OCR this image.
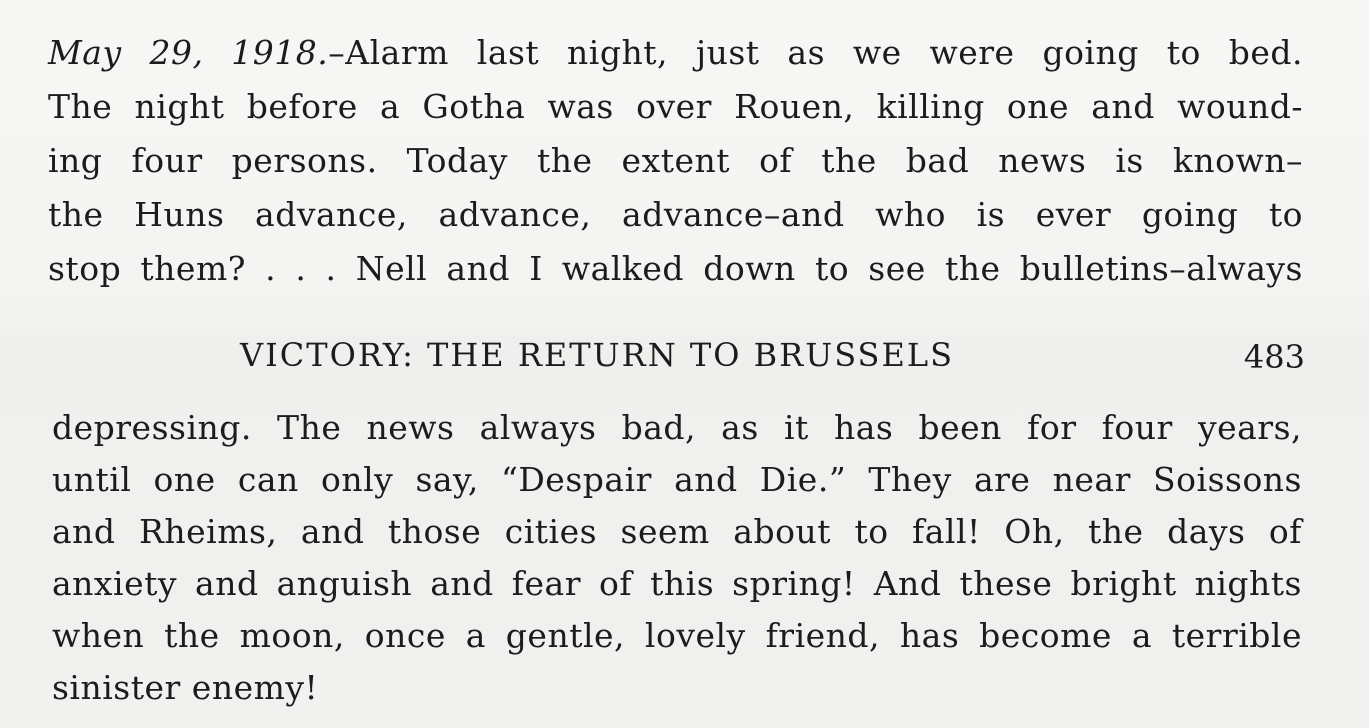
May 29, 1918.–Alarm last night, just as we were going to bed.
The night before a Gotha was over Rouen, killing one and wound-
ing four persons. Today the extent of the bad news is known–
the Huns advance, advance, advance–and who is ever going to
stop them? . . . Nell and I walked down to see the bulletins–always
VICTORY: THE RETURN TO BRUSSELS	483
depressing. The news always bad, as it has been for four years,
until one can only say, “Despair and Die.” They are near Soissons
and Rheims, and those cities seem about to fall! Oh, the days of
anxiety and anguish and fear of this spring! And these bright nights
when the moon, once a gentle, lovely friend, has become a terrible
sinister enemy!
